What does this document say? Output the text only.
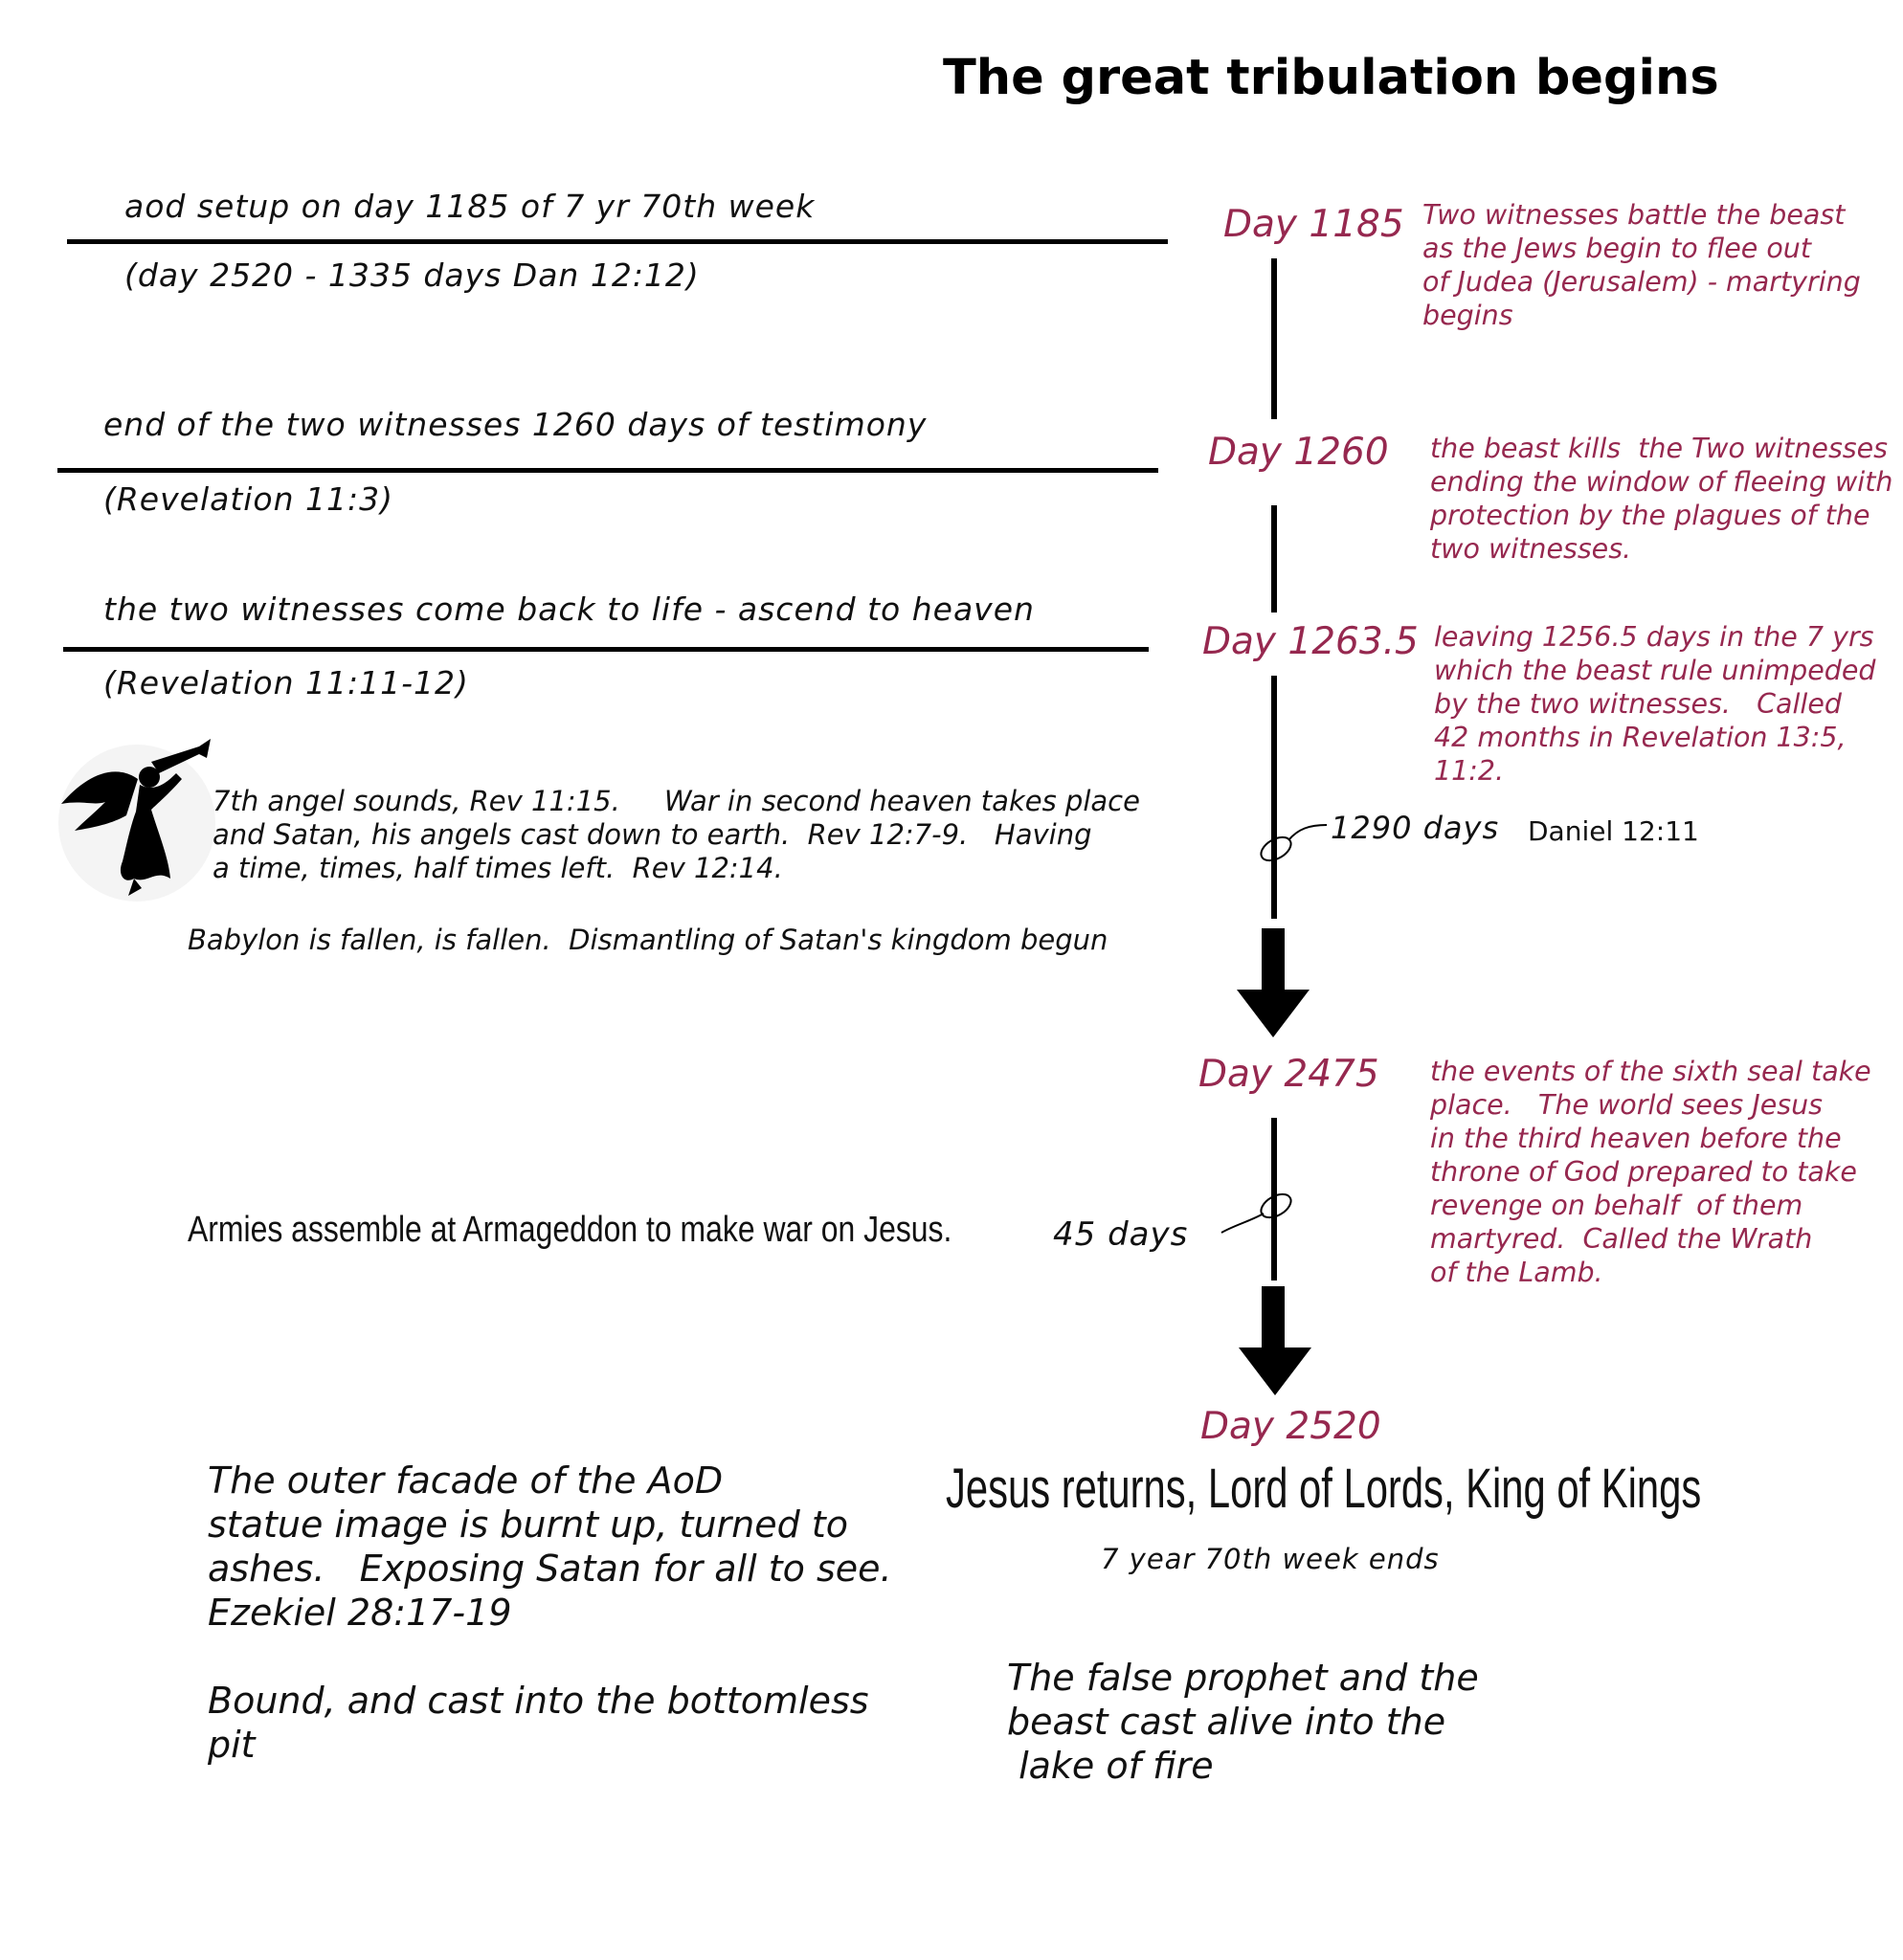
The great tribulation begins
aod setup on day 1185 of 7 yr 70th week
(day 2520 - 1335 days Dan 12:12)
end of the two witnesses 1260 days of testimony
(Revelation 11:3)
the two witnesses come back to life - ascend to heaven
(Revelation 11:11-12)
7th angel sounds, Rev 11:15.     War in second heaven takes place
and Satan, his angels cast down to earth.  Rev 12:7-9.   Having
a time, times, half times left.  Rev 12:14.
Babylon is fallen, is fallen.  Dismantling of Satan's kingdom begun
Armies assemble at Armageddon to make war on Jesus.	45 days
Day 1185
Day 1260
Day 1263.5
Day 2475
Day 2520
Two witnesses battle the beast
as the Jews begin to flee out
of Judea (Jerusalem) - martyring
begins
the beast kills  the Two witnesses
ending the window of fleeing with
protection by the plagues of the
two witnesses.
leaving 1256.5 days in the 7 yrs
which the beast rule unimpeded
by the two witnesses.   Called
42 months in Revelation 13:5,
11:2.
the events of the sixth seal take
place.   The world sees Jesus
in the third heaven before the
throne of God prepared to take
revenge on behalf  of them
martyred.  Called the Wrath
of the Lamb.
1290 days Daniel 12:11
Jesus returns, Lord of Lords, King of Kings
7 year 70th week ends
The outer facade of the AoD
statue image is burnt up, turned to
ashes.   Exposing Satan for all to see.
Ezekiel 28:17-19

Bound, and cast into the bottomless
pit
The false prophet and the
beast cast alive into the
lake of fire
